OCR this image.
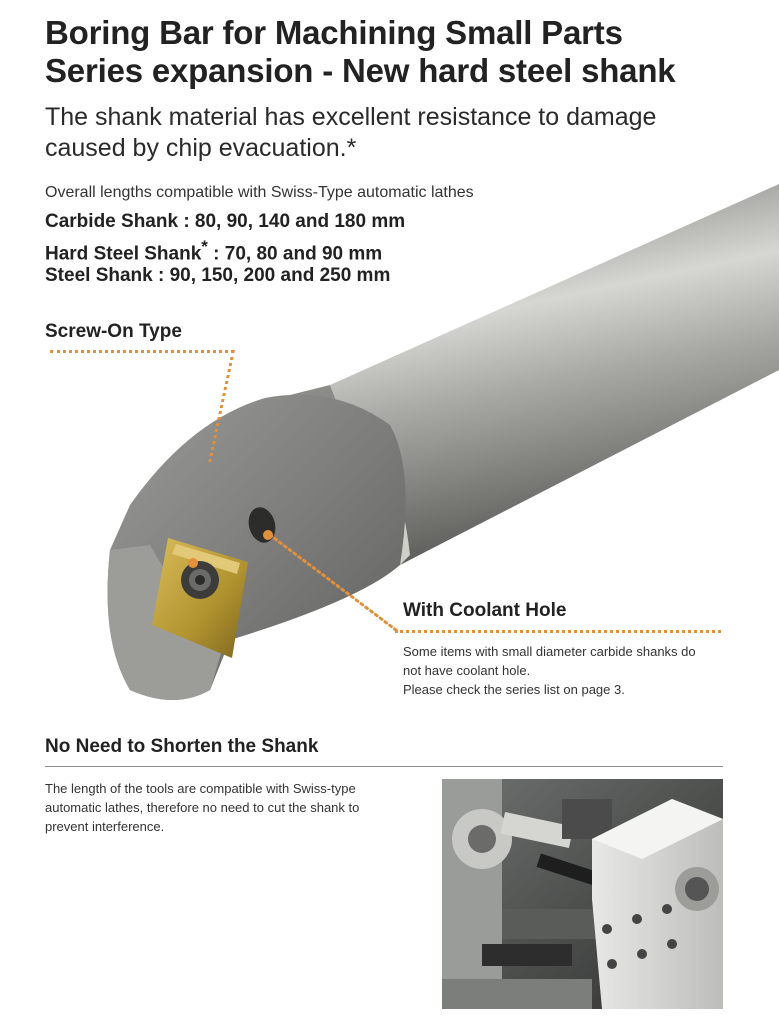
Boring Bar for Machining Small Parts
Series expansion - New hard steel shank
The shank material has excellent resistance to damage
caused by chip evacuation.*
Overall lengths compatible with Swiss-Type automatic lathes
Carbide Shank : 80, 90, 140 and 180 mm
Hard Steel Shank* : 70, 80 and 90 mm
Steel Shank : 90, 150, 200 and 250 mm
Screw-On Type
With Coolant Hole
Some items with small diameter carbide shanks do
not have coolant hole.
Please check the series list on page 3.
No Need to Shorten the Shank
The length of the tools are compatible with Swiss-type
automatic lathes, therefore no need to cut the shank to
prevent interference.
